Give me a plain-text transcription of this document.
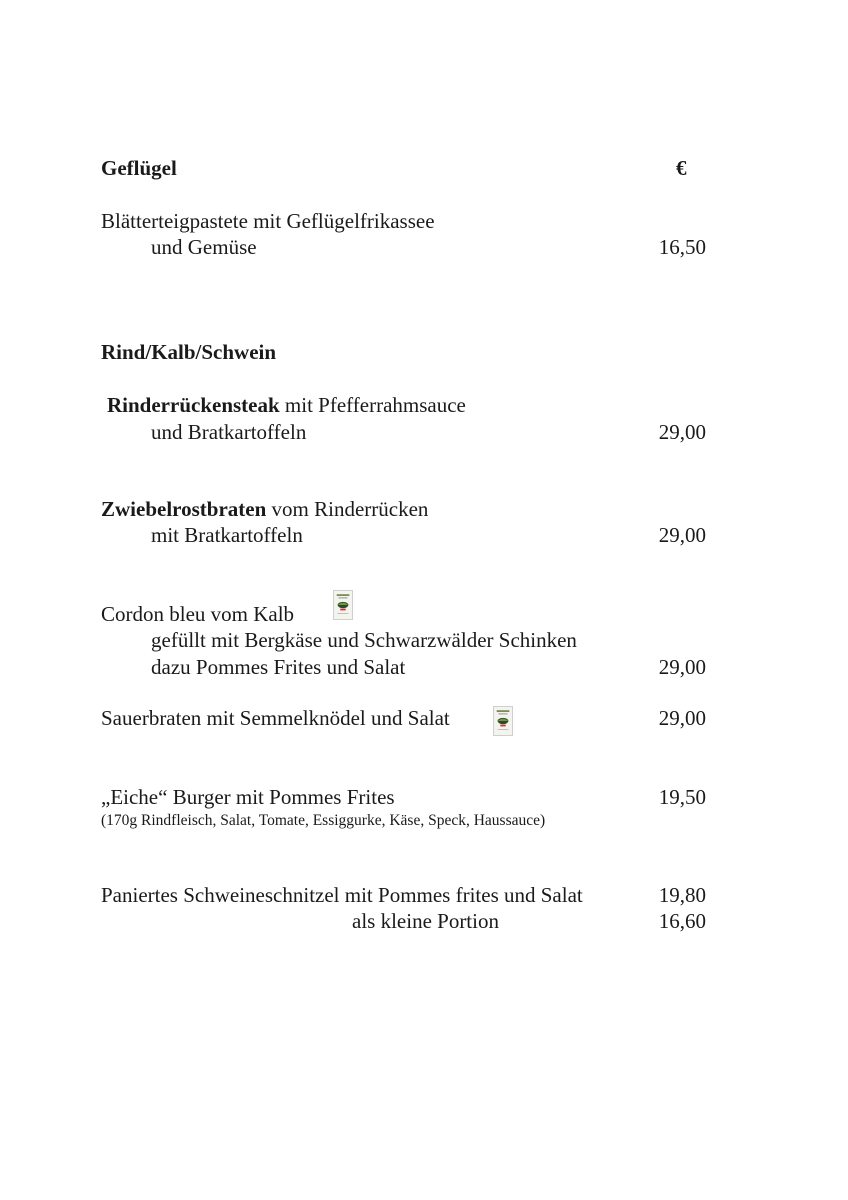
Geflügel	€
Blätterteigpastete mit Geflügelfrikassee
und Gemüse	16,50
Rind/Kalb/Schwein
Rinderrückensteak mit Pfefferrahmsauce
und Bratkartoffeln	29,00
Zwiebelrostbraten vom Rinderrücken
mit Bratkartoffeln	29,00
Cordon bleu vom Kalb
gefüllt mit Bergkäse und Schwarzwälder Schinken
dazu Pommes Frites und Salat	29,00
Sauerbraten mit Semmelknödel und Salat	29,00
„Eiche“ Burger mit Pommes Frites	19,50
(170g Rindfleisch, Salat, Tomate, Essiggurke, Käse, Speck, Haussauce)
Paniertes Schweineschnitzel mit Pommes frites und Salat	19,80
als kleine Portion	16,60
